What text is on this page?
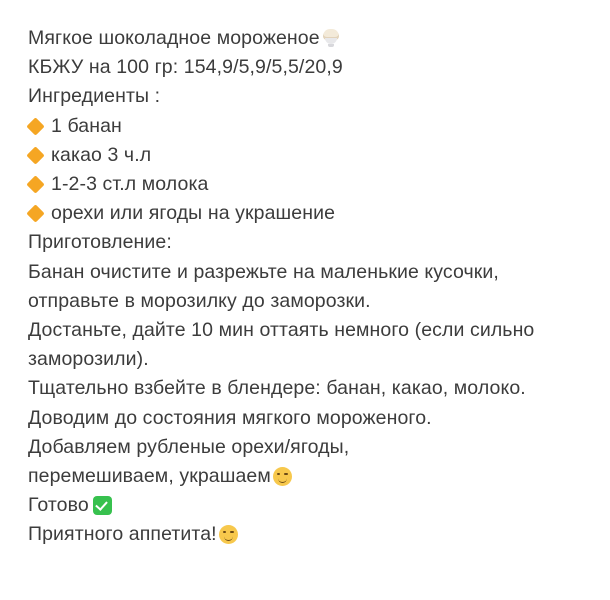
Мягкое шоколадное мороженое
КБЖУ на 100 гр: 154,9/5,9/5,5/20,9
Ингредиенты :
1 банан
какао 3 ч.л
1-2-3 ст.л молока
орехи или ягоды на украшение
Приготовление:
Банан очистите и разрежьте на маленькие кусочки, отправьте в морозилку до заморозки.
Достаньте, дайте 10 мин оттаять немного (если сильно заморозили).
Тщательно взбейте в блендере: банан, какао, молоко. Доводим до состояния мягкого мороженого.
Добавляем рубленые орехи/ягоды,
перемешиваем, украшаем
Готово
Приятного аппетита!
